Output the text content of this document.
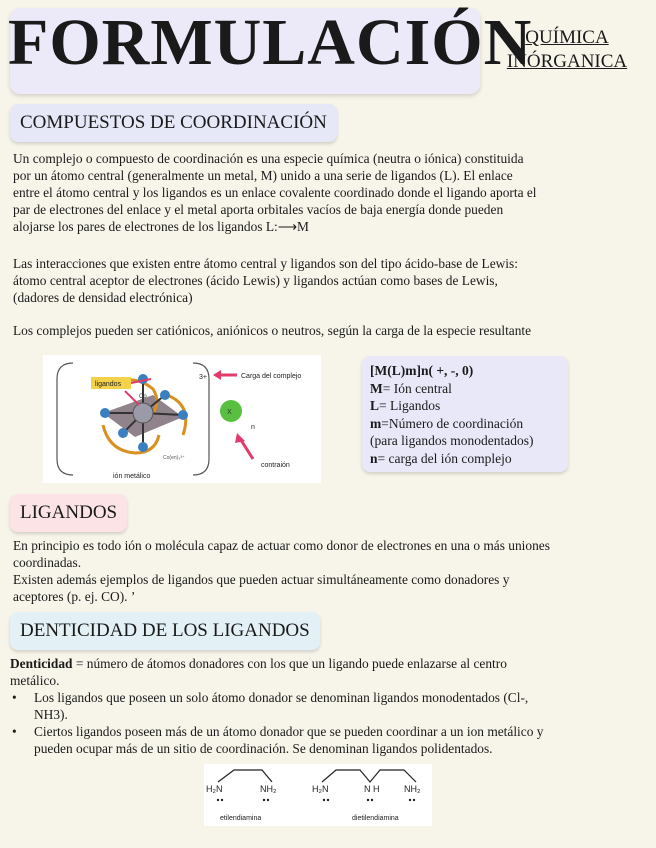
FORMULACIÓN
QUÍMICA
INÓRGANICA
COMPUESTOS DE COORDINACIÓN

Un complejo o compuesto de coordinación es una especie química (neutra o iónica) constituida

por un átomo central (generalmente un metal, M) unido a una serie de ligandos (L). El enlace

entre el átomo central y los ligandos es un enlace covalente coordinado donde el ligando aporta el

par de electrones del enlace y el metal aporta orbitales vacíos de baja energía donde pueden

alojarse los pares de electrones de los ligandos L:⟶M

Las interacciones que existen entre átomo central y ligandos son del tipo ácido-base de Lewis:

átomo central aceptor de electrones (ácido Lewis) y ligandos actúan como bases de Lewis,

(dadores de densidad electrónica)

Los complejos pueden ser catiónicos, aniónicos o neutros, según la carga de la especie resultante
Co
ligandos
3+	Carga del complejo
X
n
contraión
Co(en)₃³⁺
ión metálico
[M(L)m]n( +, -, 0)
M= Ión central
L= Ligandos
m=Número de coordinación
(para ligandos monodentados)
n= carga del ión complejo
LIGANDOS

En principio es todo ión o molécula capaz de actuar como donor de electrones en una o más uniones

coordinadas.

Existen además ejemplos de ligandos que pueden actuar simultáneamente como donadores y

aceptores (p. ej. CO). ’

DENTICIDAD DE LOS LIGANDOS

Denticidad = número de átomos donadores con los que un ligando puede enlazarse al centro

metálico.

• Los ligandos que poseen un solo átomo donador se denominan ligandos monodentados (Cl-,
NH3).
• Ciertos ligandos poseen más de un átomo donador que se pueden coordinar a un ion metálico y
pueden ocupar más de un sitio de coordinación. Se denominan ligandos polidentados.
H₂N	NH₂
etilendiamina
H₂N	N H	NH₂
dietilendiamina
